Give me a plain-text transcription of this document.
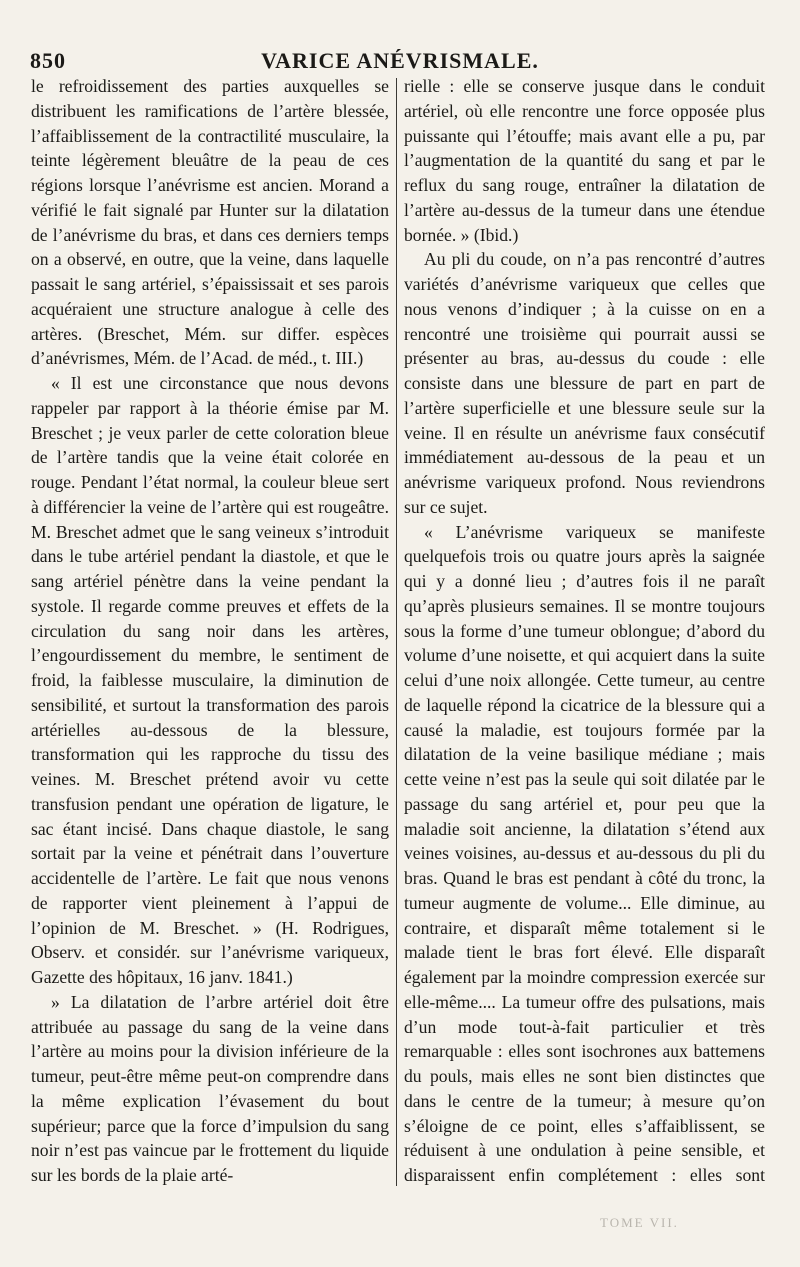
850	VARICE ANÉVRISMALE.

le refroidissement des parties auxquelles se distribuent les ramifications de l’artère blessée, l’affaiblissement de la contractilité musculaire, la teinte légèrement bleuâtre de la peau de ces régions lorsque l’anévrisme est ancien. Morand a vérifié le fait signalé par Hunter sur la dilatation de l’anévrisme du bras, et dans ces derniers temps on a observé, en outre, que la veine, dans laquelle passait le sang artériel, s’épaississait et ses parois acquéraient une structure analogue à celle des artères. (Breschet, Mém. sur differ. espèces d’anévrismes, Mém. de l’Acad. de méd., t. III.)

« Il est une circonstance que nous devons rappeler par rapport à la théorie émise par M. Breschet ; je veux parler de cette coloration bleue de l’artère tandis que la veine était colorée en rouge. Pendant l’état normal, la couleur bleue sert à différencier la veine de l’artère qui est rougeâtre. M. Breschet admet que le sang veineux s’introduit dans le tube artériel pendant la diastole, et que le sang artériel pénètre dans la veine pendant la systole. Il regarde comme preuves et effets de la circulation du sang noir dans les artères, l’engourdissement du membre, le sentiment de froid, la faiblesse musculaire, la diminution de sensibilité, et surtout la transformation des parois artérielles au-dessous de la blessure, transformation qui les rapproche du tissu des veines. M. Breschet prétend avoir vu cette transfusion pendant une opération de ligature, le sac étant incisé. Dans chaque diastole, le sang sortait par la veine et pénétrait dans l’ouverture accidentelle de l’artère. Le fait que nous venons de rapporter vient pleinement à l’appui de l’opinion de M. Breschet. » (H. Rodrigues, Observ. et considér. sur l’anévrisme variqueux, Gazette des hôpitaux, 16 janv. 1841.)

» La dilatation de l’arbre artériel doit être attribuée au passage du sang de la veine dans l’artère au moins pour la division inférieure de la tumeur, peut-être même peut-on comprendre dans la même explication l’évasement du bout supérieur; parce que la force d’impulsion du sang noir n’est pas vaincue par le frottement du liquide sur les bords de la plaie arté-

rielle : elle se conserve jusque dans le conduit artériel, où elle rencontre une force opposée plus puissante qui l’étouffe; mais avant elle a pu, par l’augmentation de la quantité du sang et par le reflux du sang rouge, entraîner la dilatation de l’artère au-dessus de la tumeur dans une étendue bornée. » (Ibid.)

Au pli du coude, on n’a pas rencontré d’autres variétés d’anévrisme variqueux que celles que nous venons d’indiquer ; à la cuisse on en a rencontré une troisième qui pourrait aussi se présenter au bras, au-dessus du coude : elle consiste dans une blessure de part en part de l’artère superficielle et une blessure seule sur la veine. Il en résulte un anévrisme faux consécutif immédiatement au-dessous de la peau et un anévrisme variqueux profond. Nous reviendrons sur ce sujet.

« L’anévrisme variqueux se manifeste quelquefois trois ou quatre jours après la saignée qui y a donné lieu ; d’autres fois il ne paraît qu’après plusieurs semaines. Il se montre toujours sous la forme d’une tumeur oblongue; d’abord du volume d’une noisette, et qui acquiert dans la suite celui d’une noix allongée. Cette tumeur, au centre de laquelle répond la cicatrice de la blessure qui a causé la maladie, est toujours formée par la dilatation de la veine basilique médiane ; mais cette veine n’est pas la seule qui soit dilatée par le passage du sang artériel et, pour peu que la maladie soit ancienne, la dilatation s’étend aux veines voisines, au-dessus et au-dessous du pli du bras. Quand le bras est pendant à côté du tronc, la tumeur augmente de volume... Elle diminue, au contraire, et disparaît même totalement si le malade tient le bras fort élevé. Elle disparaît également par la moindre compression exercée sur elle-même.... La tumeur offre des pulsations, mais d’un mode tout-à-fait particulier et très remarquable : elles sont isochrones aux battemens du pouls, mais elles ne sont bien distinctes que dans le centre de la tumeur; à mesure qu’on s’éloigne de ce point, elles s’affaiblissent, se réduisent à une ondulation à peine sensible, et disparaissent enfin complétement : elles sont

TOME VII.
